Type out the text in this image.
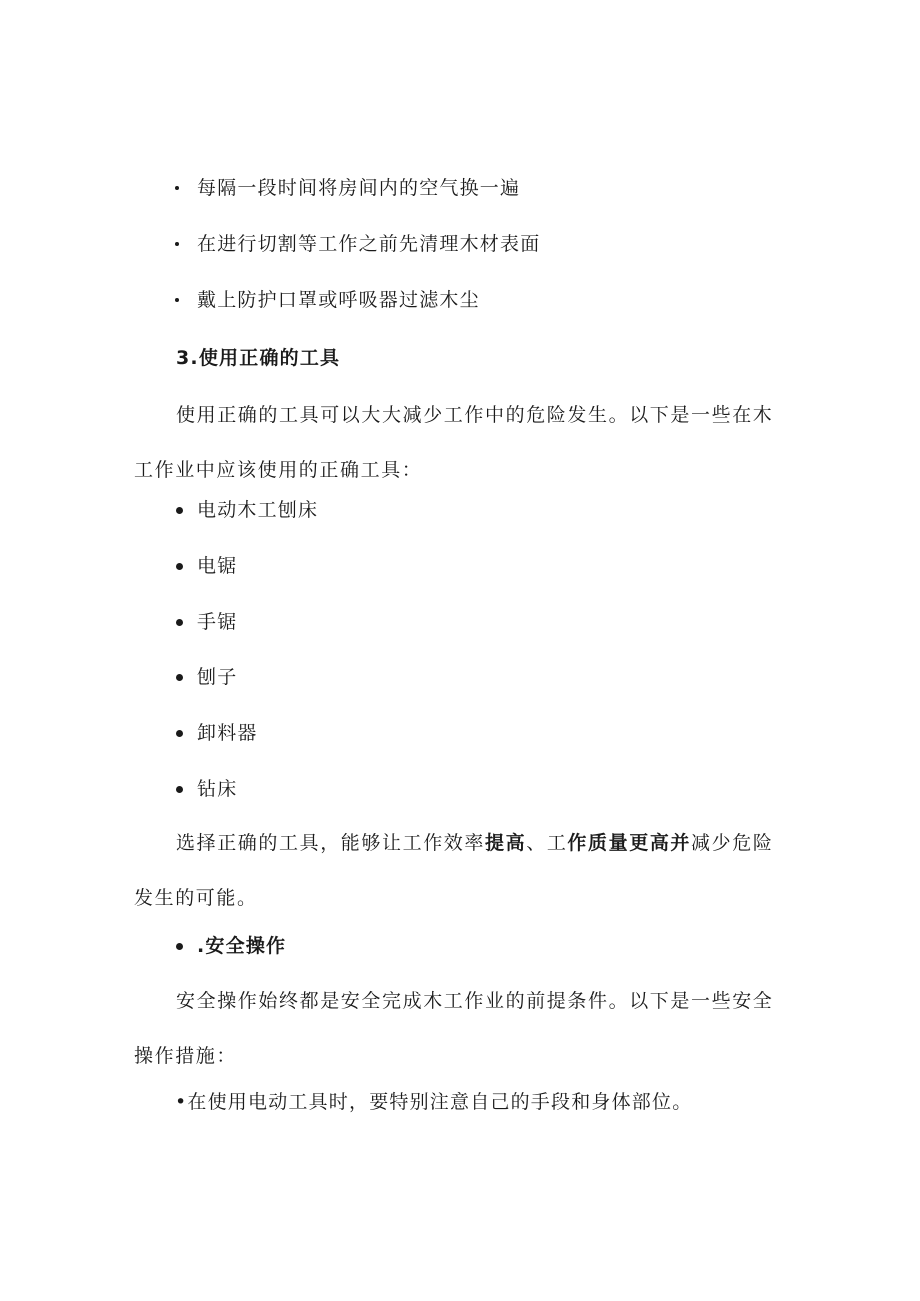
每隔一段时间将房间内的空气换一遍
在进行切割等工作之前先清理木材表面
戴上防护口罩或呼吸器过滤木尘
3.使用正确的工具

使用正确的工具可以大大减少工作中的危险发生。以下是一些在木工作业中应该使用的正确工具：

电动木工刨床
电锯
手锯
刨子
卸料器
钻床

选择正确的工具，能够让工作效率提高、工作质量更高并减少危险发生的可能。

.安全操作

安全操作始终都是安全完成木工作业的前提条件。以下是一些安全操作措施：

•在使用电动工具时，要特别注意自己的手段和身体部位。
